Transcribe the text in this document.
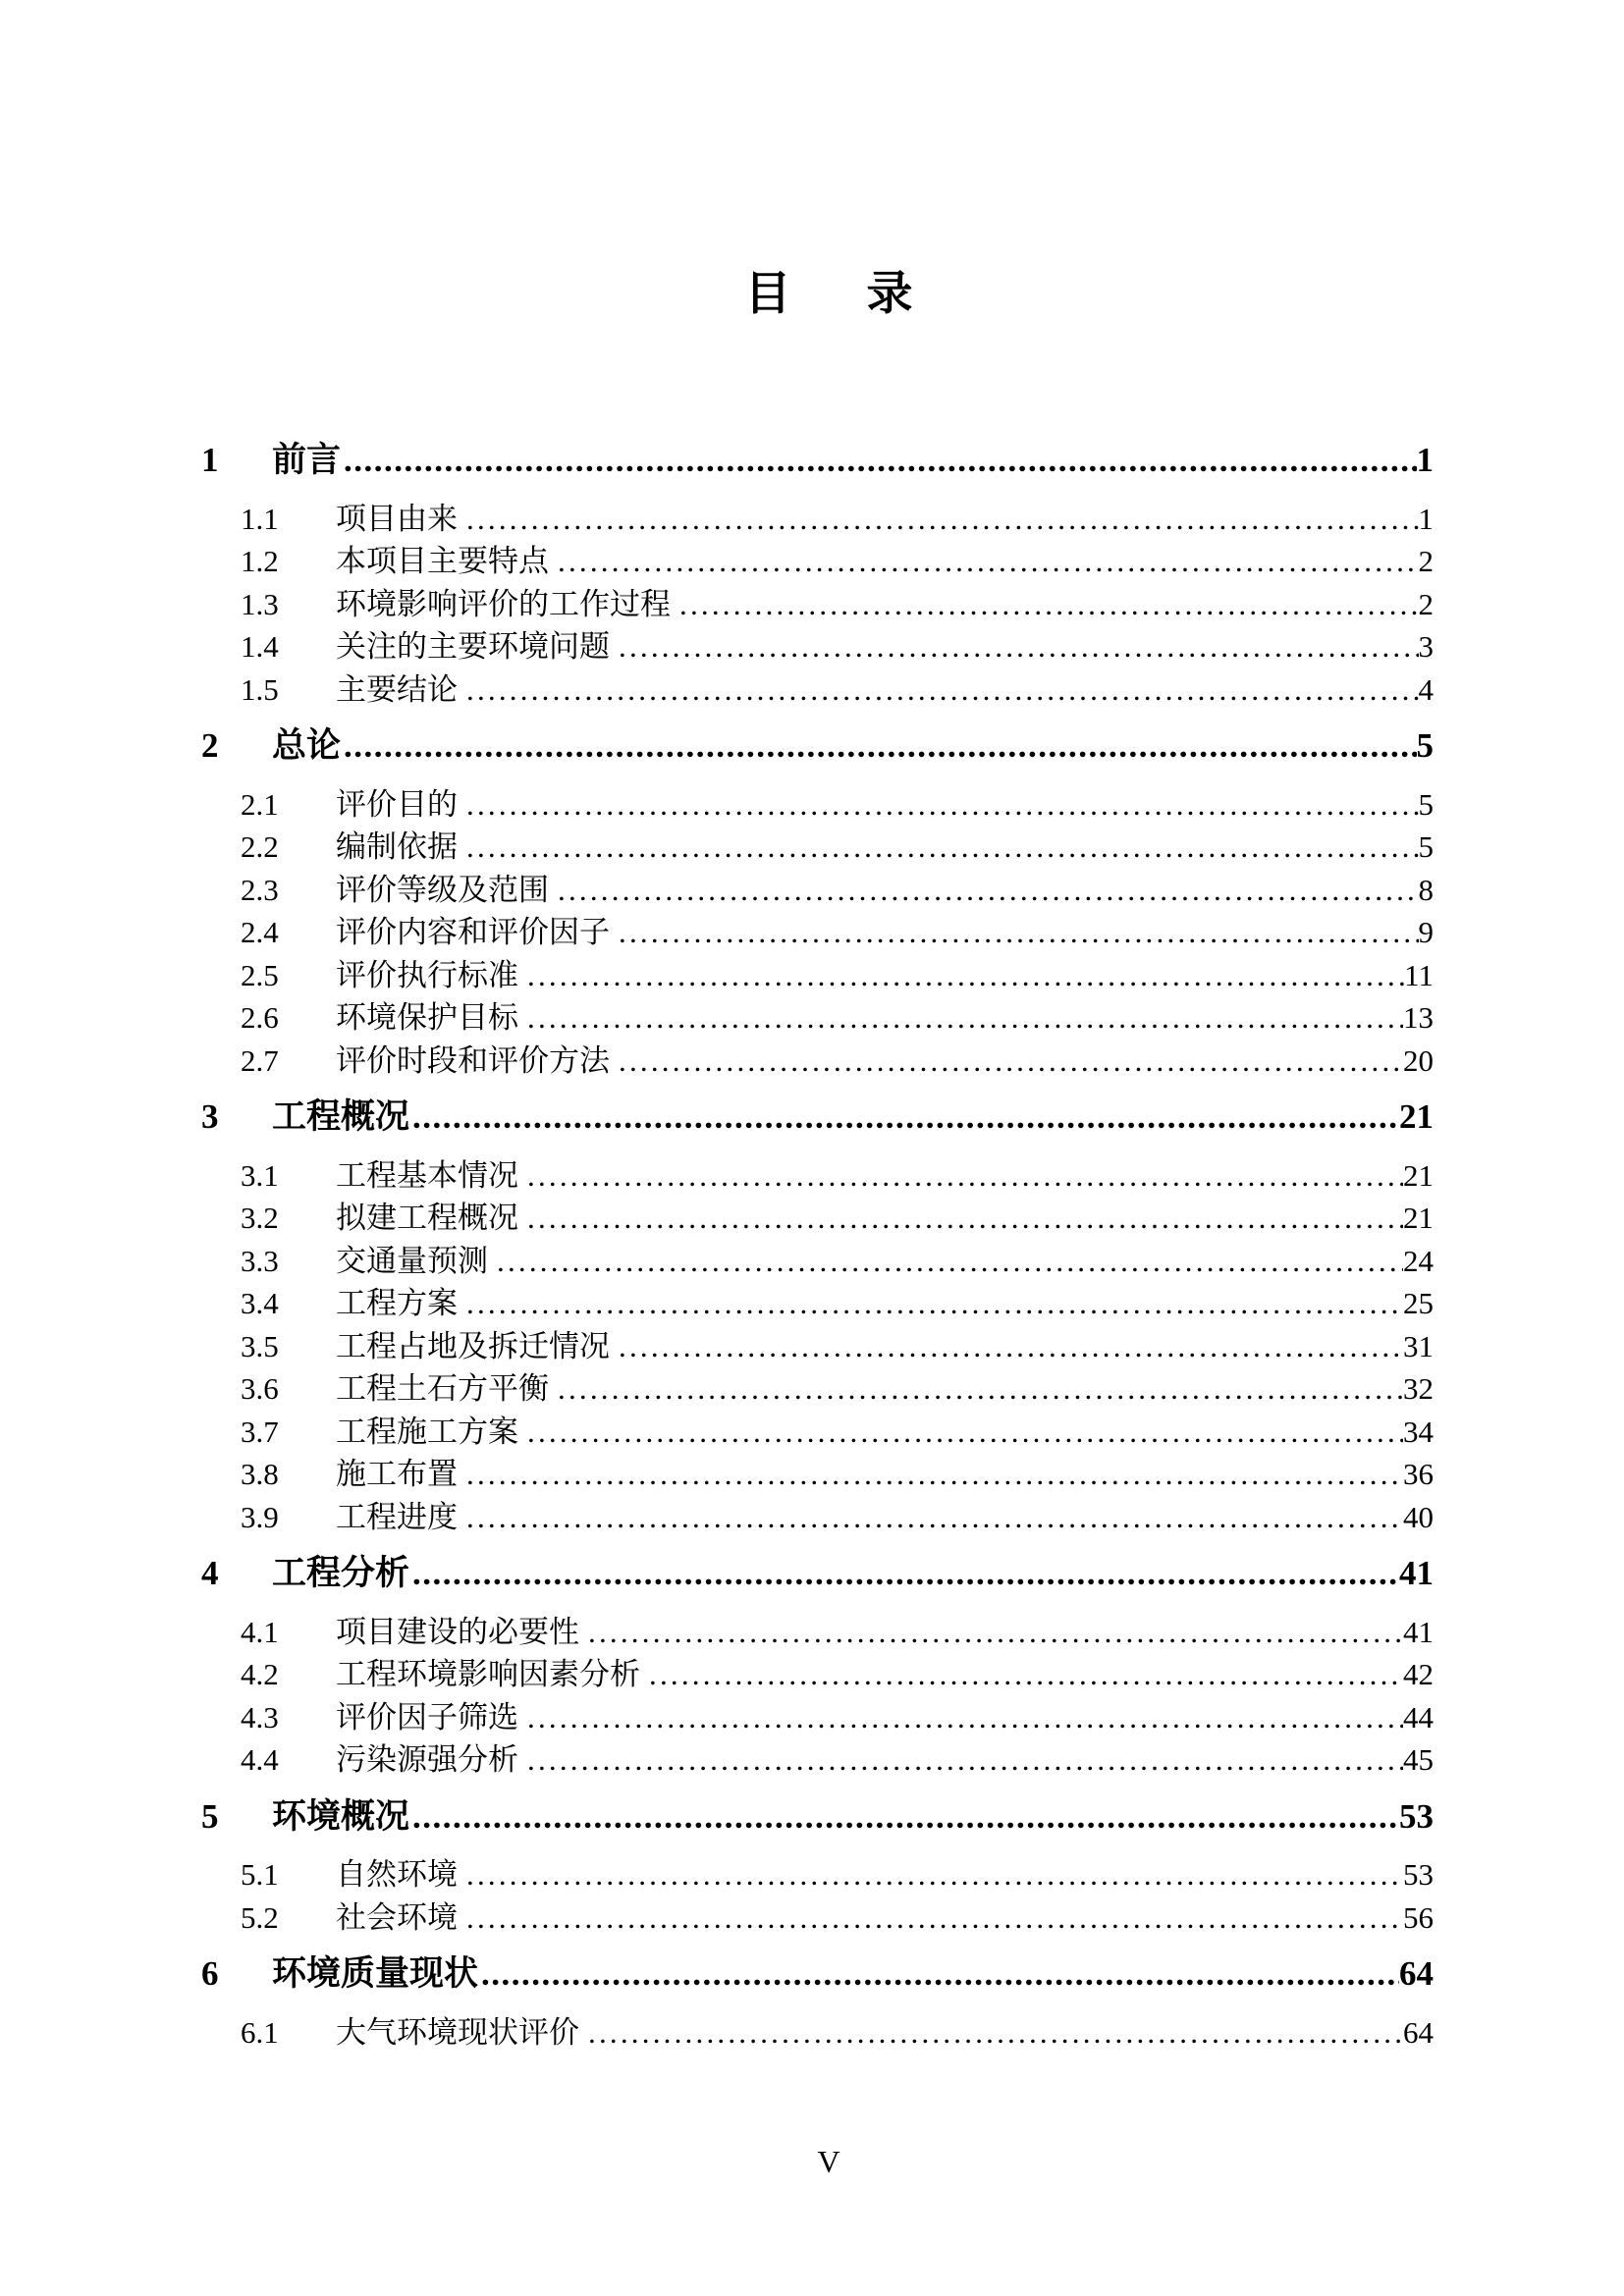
目　录
1	前言 .....	1
1.1	项目由来 .....	1
1.2	本项目主要特点 .....	2
1.3	环境影响评价的工作过程 .....	2
1.4	关注的主要环境问题 .....	3
1.5	主要结论 .....	4
2	总论 .....	5
2.1	评价目的 .....	5
2.2	编制依据 .....	5
2.3	评价等级及范围 .....	8
2.4	评价内容和评价因子 .....	9
2.5	评价执行标准 .....	11
2.6	环境保护目标 .....	13
2.7	评价时段和评价方法 .....	20
3	工程概况 .....	21
3.1	工程基本情况 .....	21
3.2	拟建工程概况 .....	21
3.3	交通量预测 .....	24
3.4	工程方案 .....	25
3.5	工程占地及拆迁情况 .....	31
3.6	工程土石方平衡 .....	32
3.7	工程施工方案 .....	34
3.8	施工布置 .....	36
3.9	工程进度 .....	40
4	工程分析 .....	41
4.1	项目建设的必要性 .....	41
4.2	工程环境影响因素分析 .....	42
4.3	评价因子筛选 .....	44
4.4	污染源强分析 .....	45
5	环境概况 .....	53
5.1	自然环境 .....	53
5.2	社会环境 .....	56
6	环境质量现状 .....	64
6.1	大气环境现状评价 .....	64
V
